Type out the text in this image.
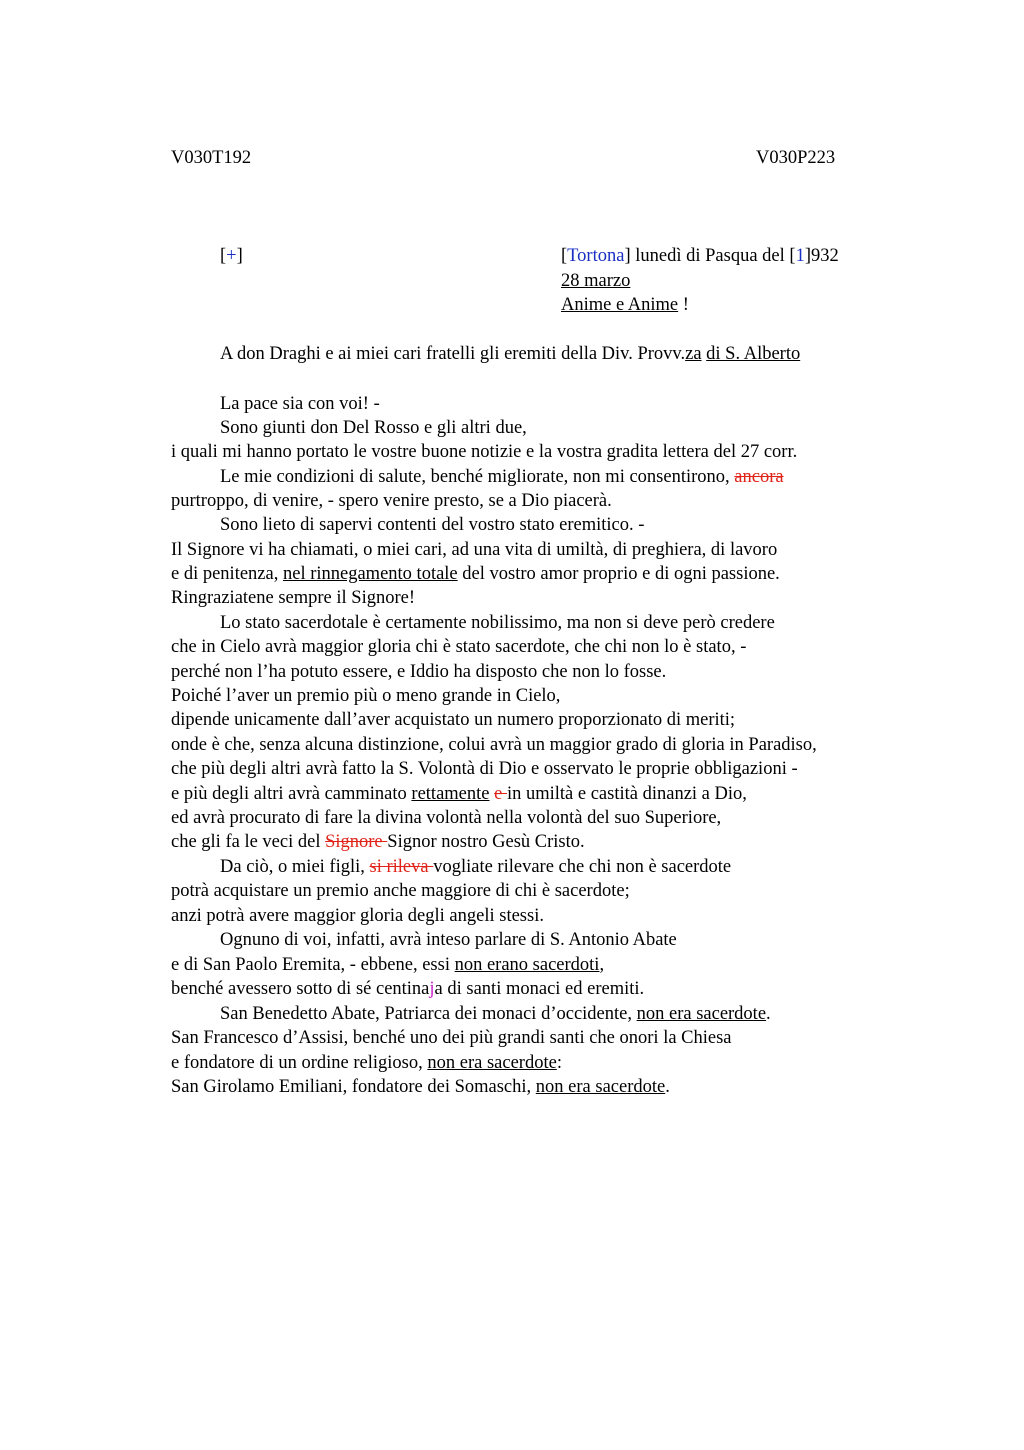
V030T192	V030P223
[+]	[Tortona] lunedì di Pasqua del [1]932
28 marzo
Anime e Anime !
A don Draghi e ai miei cari fratelli gli eremiti della Div. Provv.za di S. Alberto
La pace sia con voi! -
Sono giunti don Del Rosso e gli altri due,
i quali mi hanno portato le vostre buone notizie e la vostra gradita lettera del 27 corr.
Le mie condizioni di salute, benché migliorate, non mi consentirono, ancora
purtroppo, di venire, - spero venire presto, se a Dio piacerà.
Sono lieto di sapervi contenti del vostro stato eremitico. -
Il Signore vi ha chiamati, o miei cari, ad una vita di umiltà, di preghiera, di lavoro
e di penitenza, nel rinnegamento totale del vostro amor proprio e di ogni passione.
Ringraziatene sempre il Signore!
Lo stato sacerdotale è certamente nobilissimo, ma non si deve però credere
che in Cielo avrà maggior gloria chi è stato sacerdote, che chi non lo è stato, -
perché non l’ha potuto essere, e Iddio ha disposto che non lo fosse.
Poiché l’aver un premio più o meno grande in Cielo,
dipende unicamente dall’aver acquistato un numero proporzionato di meriti;
onde è che, senza alcuna distinzione, colui avrà un maggior grado di gloria in Paradiso,
che più degli altri avrà fatto la S. Volontà di Dio e osservato le proprie obbligazioni -
e più degli altri avrà camminato rettamente e in umiltà e castità dinanzi a Dio,
ed avrà procurato di fare la divina volontà nella volontà del suo Superiore,
che gli fa le veci del Signore Signor nostro Gesù Cristo.
Da ciò, o miei figli, si rileva vogliate rilevare che chi non è sacerdote
potrà acquistare un premio anche maggiore di chi è sacerdote;
anzi potrà avere maggior gloria degli angeli stessi.
Ognuno di voi, infatti, avrà inteso parlare di S. Antonio Abate
e di San Paolo Eremita, - ebbene, essi non erano sacerdoti,
benché avessero sotto di sé centinaja di santi monaci ed eremiti.
San Benedetto Abate, Patriarca dei monaci d’occidente, non era sacerdote.
San Francesco d’Assisi, benché uno dei più grandi santi che onori la Chiesa
e fondatore di un ordine religioso, non era sacerdote:
San Girolamo Emiliani, fondatore dei Somaschi, non era sacerdote.
